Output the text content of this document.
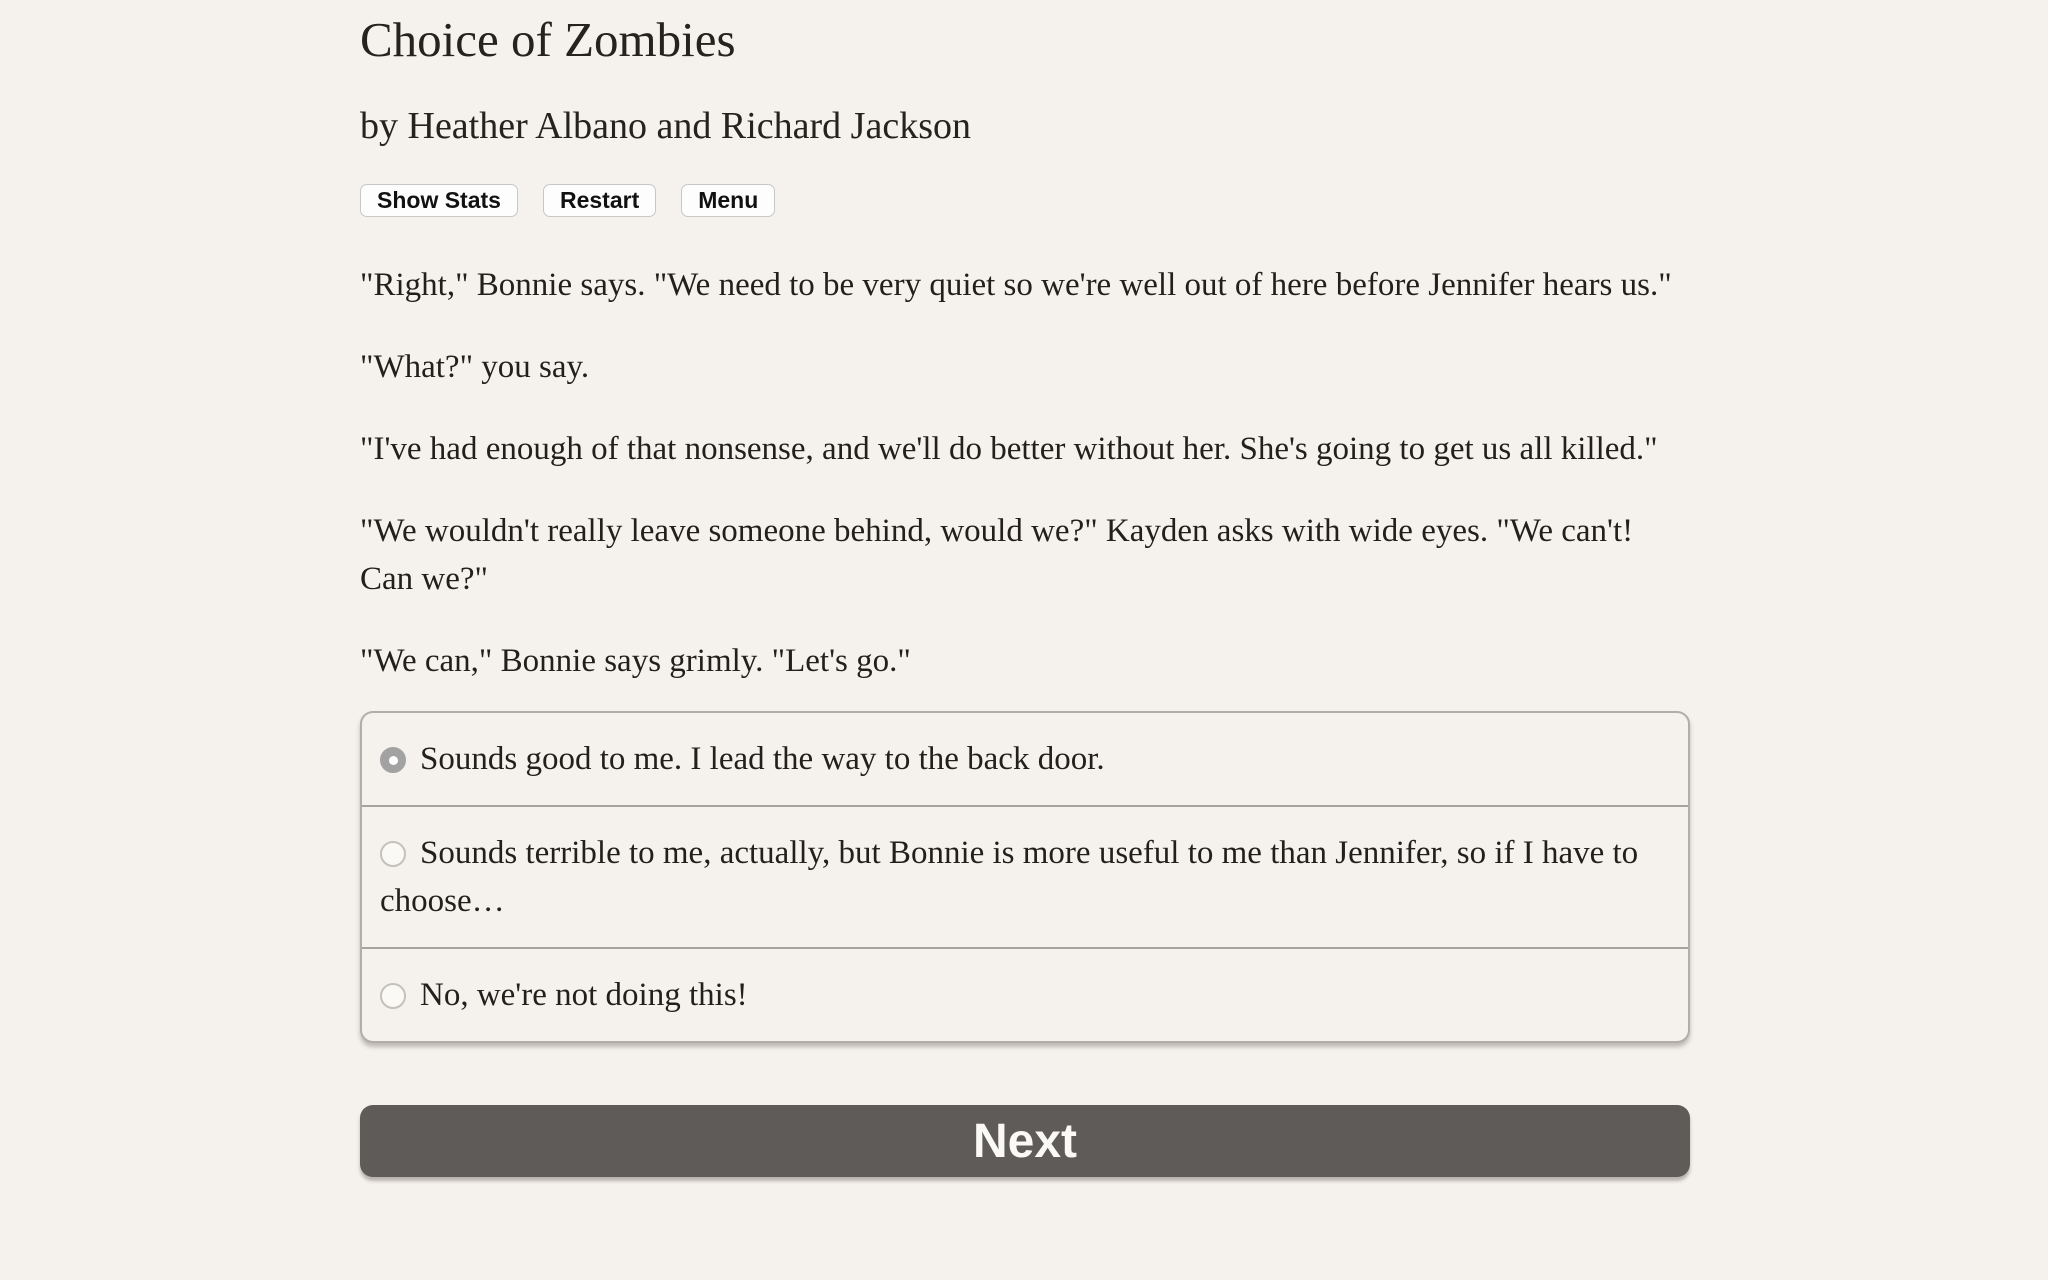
Choice of Zombies
by Heather Albano and Richard Jackson
Show Stats	Restart	Menu

"Right," Bonnie says. "We need to be very quiet so we're well out of here before Jennifer hears us."

"What?" you say.

"I've had enough of that nonsense, and we'll do better without her. She's going to get us all killed."

"We wouldn't really leave someone behind, would we?" Kayden asks with wide eyes. "We can't! Can we?"

"We can," Bonnie says grimly. "Let's go."

Sounds good to me. I lead the way to the back door.
Sounds terrible to me, actually, but Bonnie is more useful to me than Jennifer, so if I have to choose…
No, we're not doing this!
Next
